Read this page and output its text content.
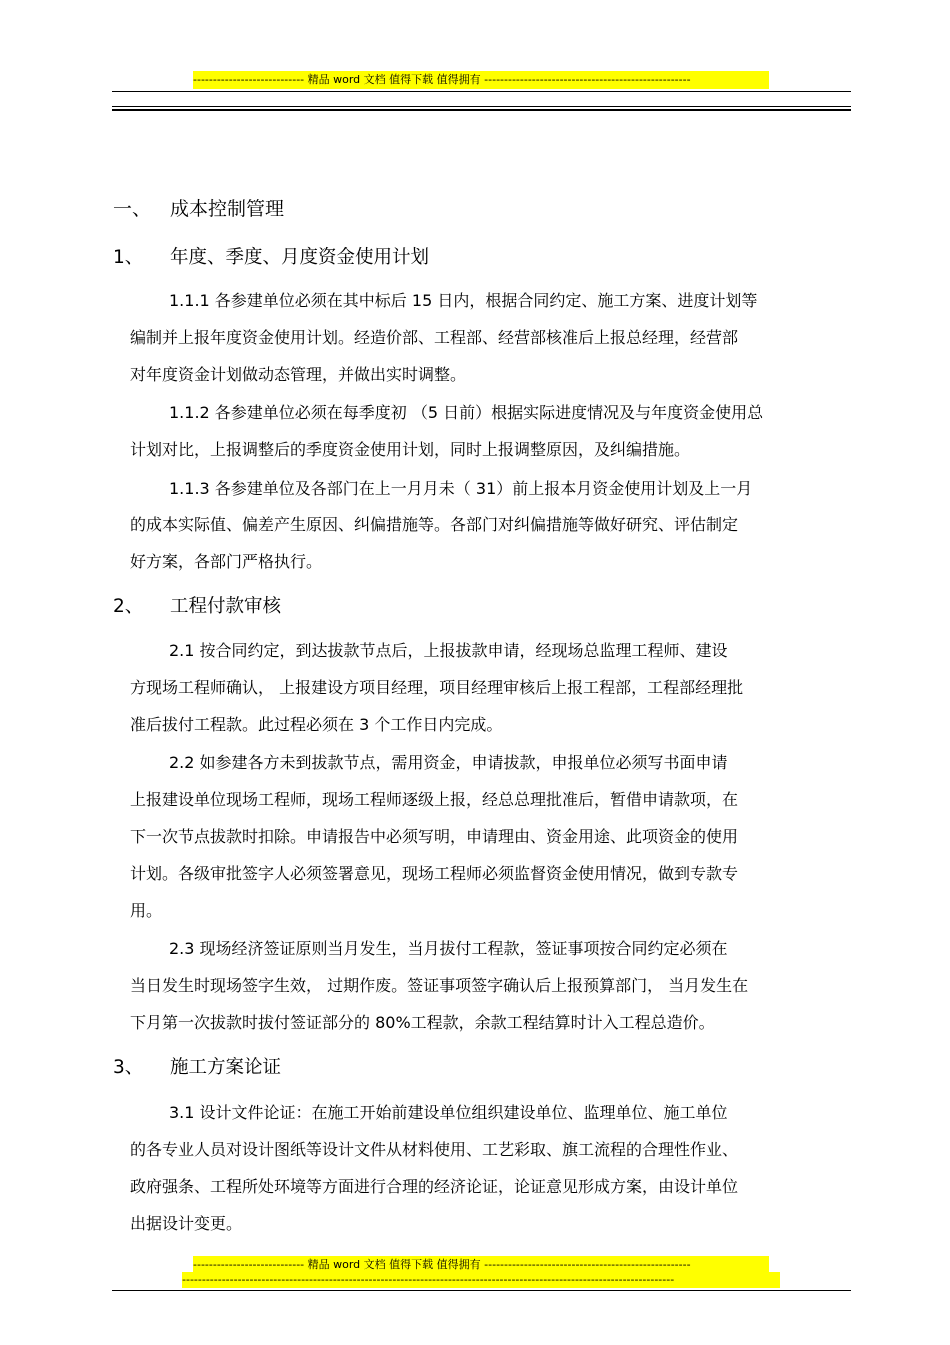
---------------------------- 精品 word 文档 值得下载 值得拥有 ----------------------------------------------------
一、 成本控制管理
1、 年度、季度、月度资金使用计划
1.1.1 各参建单位必须在其中标后 15 日内，根据合同约定、施工方案、进度计划等
编制并上报年度资金使用计划。经造价部、工程部、经营部核准后上报总经理，经营部
对年度资金计划做动态管理，并做出实时调整。
1.1.2 各参建单位必须在每季度初 （5 日前）根据实际进度情况及与年度资金使用总
计划对比，上报调整后的季度资金使用计划，同时上报调整原因，及纠编措施。
1.1.3 各参建单位及各部门在上一月月未（ 31）前上报本月资金使用计划及上一月
的成本实际值、偏差产生原因、纠偏措施等。各部门对纠偏措施等做好研究、评估制定
好方案，各部门严格执行。
2、 工程付款审核
2.1 按合同约定，到达拔款节点后，上报拔款申请，经现场总监理工程师、建设
方现场工程师确认， 上报建设方项目经理，项目经理审核后上报工程部，工程部经理批
准后拔付工程款。此过程必须在 3 个工作日内完成。
2.2 如参建各方未到拔款节点，需用资金，申请拔款，申报单位必须写书面申请
上报建设单位现场工程师，现场工程师逐级上报，经总总理批准后，暂借申请款项，在
下一次节点拔款时扣除。申请报告中必须写明，申请理由、资金用途、此项资金的使用
计划。各级审批签字人必须签署意见，现场工程师必须监督资金使用情况，做到专款专
用。
2.3 现场经济签证原则当月发生，当月拔付工程款，签证事项按合同约定必须在
当日发生时现场签字生效， 过期作废。签证事项签字确认后上报预算部门， 当月发生在
下月第一次拔款时拔付签证部分的 80%工程款，余款工程结算时计入工程总造价。
3、 施工方案论证
3.1 设计文件论证：在施工开始前建设单位组织建设单位、监理单位、施工单位
的各专业人员对设计图纸等设计文件从材料使用、工艺彩取、旗工流程的合理性作业、
政府强条、工程所处环境等方面进行合理的经济论证，论证意见形成方案，由设计单位
出据设计变更。
---------------------------- 精品 word 文档 值得下载 值得拥有 ----------------------------------------------------
----------------------------------------------------------------------------------------------------------------------------
